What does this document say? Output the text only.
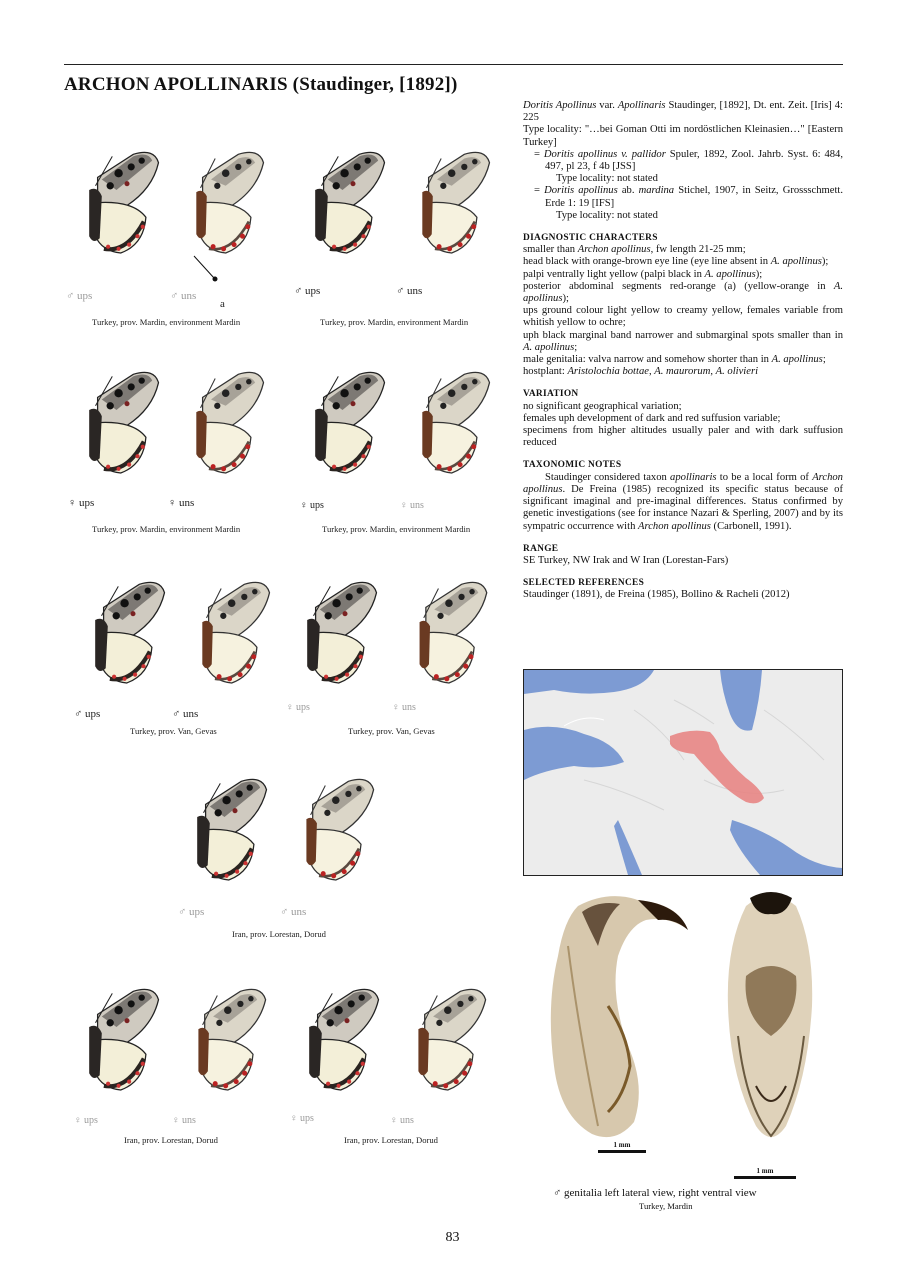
ARCHON APOLLINARIS (Staudinger, [1892])
♂ ups	♂ uns
a
Turkey, prov. Mardin, environment Mardin
♂ ups	♂ uns
Turkey, prov. Mardin, environment Mardin
♀ ups	♀ uns
Turkey, prov. Mardin, environment Mardin
♀ ups	♀ uns
Turkey, prov. Mardin, environment Mardin
♂ ups	♂ uns
Turkey, prov. Van, Gevas
♀ ups	♀ uns
Turkey, prov. Van, Gevas
♂ ups	♂ uns
Iran, prov. Lorestan, Dorud
♀ ups	♀ uns
Iran, prov. Lorestan, Dorud
♀ ups	♀ uns
Iran, prov. Lorestan, Dorud

Doritis Apollinus var. Apollinaris Staudinger, [1892], Dt. ent. Zeit. [Iris] 4: 225

Type locality: "…bei Goman Otti im nordöstlichen Kleinasien…" [Eastern Turkey]

= Doritis apollinus v. pallidor Spuler, 1892, Zool. Jahrb. Syst. 6: 484, 497, pl 23, f 4b [JSS]

Type locality: not stated

= Doritis apollinus ab. mardina Stichel, 1907, in Seitz, Grossschmett. Erde 1: 19 [IFS]

Type locality: not stated

DIAGNOSTIC CHARACTERS

smaller than Archon apollinus, fw length 21-25 mm;

head black with orange-brown eye line (eye line absent in A. apollinus);

palpi ventrally light yellow (palpi black in A. apollinus);

posterior abdominal segments red-orange (a) (yellow-orange in A. apollinus);

ups ground colour light yellow to creamy yellow, females variable from whitish yellow to ochre;

uph black marginal band narrower and submarginal spots smaller than in A. apollinus;

male genitalia: valva narrow and somehow shorter than in A. apollinus;

hostplant: Aristolochia bottae, A. maurorum, A. olivieri

VARIATION

no significant geographical variation;

females uph development of dark and red suffusion variable;

specimens from higher altitudes usually paler and with dark suffusion reduced

TAXONOMIC NOTES

Staudinger considered taxon apollinaris to be a local form of Archon apollinus. De Freina (1985) recognized its specific status because of significant imaginal and pre-imaginal differences. Status confirmed by genetic investigations (see for instance Nazari & Sperling, 2007) and by its sympatric occurrence with Archon apollinus (Carbonell, 1991).

RANGE

SE Turkey, NW Irak and W Iran (Lorestan-Fars)

SELECTED REFERENCES

Staudinger (1891), de Freina (1985), Bollino & Racheli (2012)

1 mm
1 mm
♂ genitalia left lateral view, right ventral view
Turkey, Mardin
83
